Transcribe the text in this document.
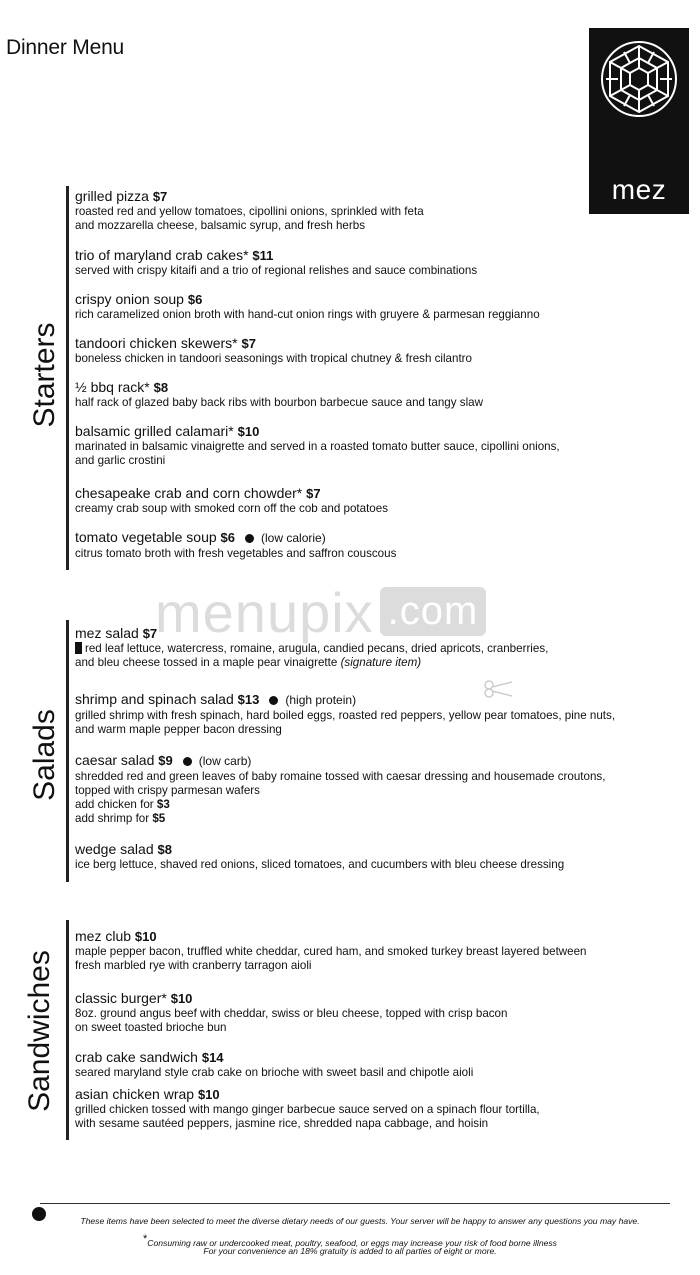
Dinner Menu
mez
menupix .com
Starters
grilled pizza $7
roasted red and yellow tomatoes, cipollini onions, sprinkled with feta
and mozzarella cheese, balsamic syrup, and fresh herbs
trio of maryland crab cakes* $11
served with crispy kitaifi and a trio of regional relishes and sauce combinations
crispy onion soup $6
rich caramelized onion broth with hand-cut onion rings with gruyere & parmesan reggianno
tandoori chicken skewers* $7
boneless chicken in tandoori seasonings with tropical chutney & fresh cilantro
½ bbq rack* $8
half rack of glazed baby back ribs with bourbon barbecue sauce and tangy slaw
balsamic grilled calamari* $10
marinated in balsamic vinaigrette and served in a roasted tomato butter sauce, cipollini onions,
and garlic crostini
chesapeake crab and corn chowder* $7
creamy crab soup with smoked corn off the cob and potatoes
tomato vegetable soup $6 (low calorie)
citrus tomato broth with fresh vegetables and saffron couscous
Salads
mez salad $7
red leaf lettuce, watercress, romaine, arugula, candied pecans, dried apricots, cranberries,
and bleu cheese tossed in a maple pear vinaigrette (signature item)
shrimp and spinach salad $13 (high protein)
grilled shrimp with fresh spinach, hard boiled eggs, roasted red peppers, yellow pear tomatoes, pine nuts,
and warm maple pepper bacon dressing
caesar salad $9 (low carb)
shredded red and green leaves of baby romaine tossed with caesar dressing and housemade croutons,
topped with crispy parmesan wafers
add chicken for $3
add shrimp for $5
wedge salad $8
ice berg lettuce, shaved red onions, sliced tomatoes, and cucumbers with bleu cheese dressing
Sandwiches
mez club $10
maple pepper bacon, truffled white cheddar, cured ham, and smoked turkey breast layered between
fresh marbled rye with cranberry tarragon aioli
classic burger* $10
8oz. ground angus beef with cheddar, swiss or bleu cheese, topped with crisp bacon
on sweet toasted brioche bun
crab cake sandwich $14
seared maryland style crab cake on brioche with sweet basil and chipotle aioli
asian chicken wrap $10
grilled chicken tossed with mango ginger barbecue sauce served on a spinach flour tortilla,
with sesame sautéed peppers, jasmine rice, shredded napa cabbage, and hoisin
These items have been selected to meet the diverse dietary needs of our guests. Your server will be happy to answer any questions you may have.
*Consuming raw or undercooked meat, poultry, seafood, or eggs may increase your risk of food borne illness
For your convenience an 18% gratuity is added to all parties of eight or more.
